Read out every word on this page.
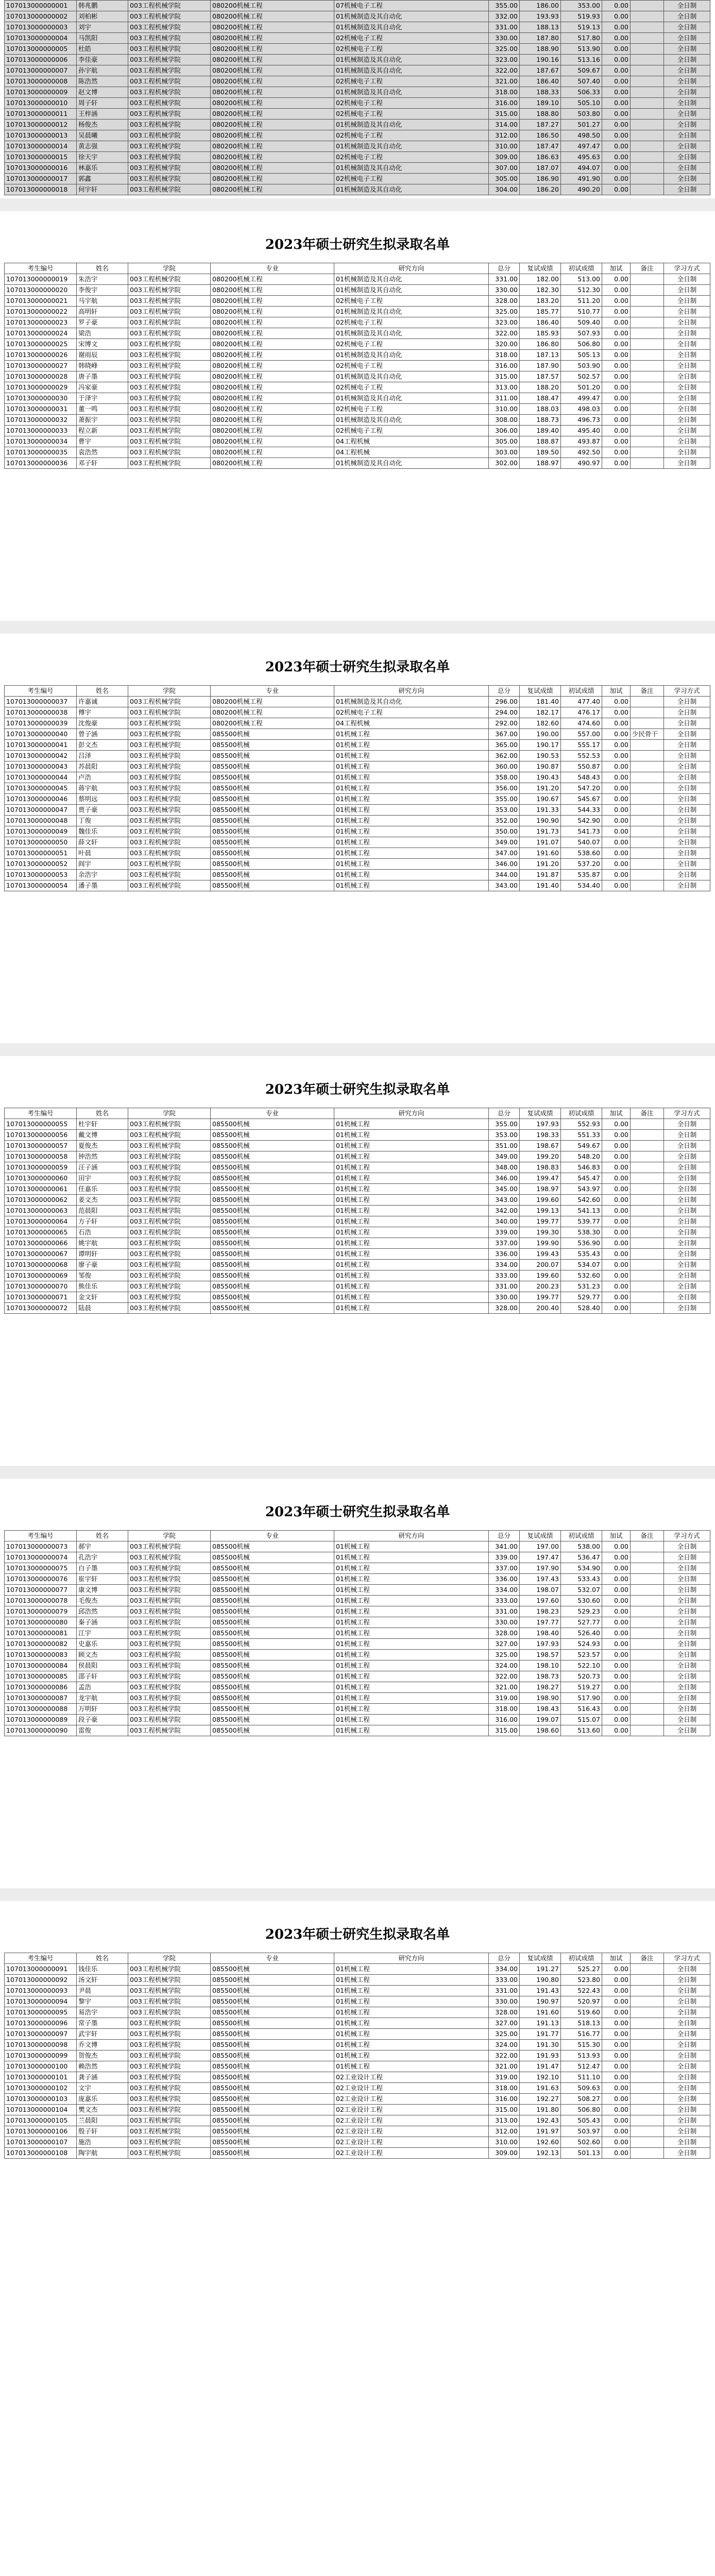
107013000000001	韩兆鹏	003工程机械学院	080200机械工程	07机械电子工程	355.00	186.00	353.00	0.00		全日制
107013000000002	刘柏彬	003工程机械学院	080200机械工程	01机械制造及其自动化	332.00	193.93	519.93	0.00		全日制
107013000000003	刘宇	003工程机械学院	080200机械工程	01机械制造及其自动化	331.00	188.13	519.13	0.00		全日制
107013000000004	马凯阳	003工程机械学院	080200机械工程	02机械电子工程	330.00	187.80	517.80	0.00		全日制
107013000000005	杜皓	003工程机械学院	080200机械工程	02机械电子工程	325.00	188.90	513.90	0.00		全日制
107013000000006	李佳豪	003工程机械学院	080200机械工程	01机械制造及其自动化	323.00	190.16	513.16	0.00		全日制
107013000000007	孙宇航	003工程机械学院	080200机械工程	01机械制造及其自动化	322.00	187.67	509.67	0.00		全日制
107013000000008	陈浩然	003工程机械学院	080200机械工程	02机械电子工程	321.00	186.40	507.40	0.00		全日制
107013000000009	赵文博	003工程机械学院	080200机械工程	01机械制造及其自动化	318.00	188.33	506.33	0.00		全日制
107013000000010	周子轩	003工程机械学院	080200机械工程	02机械电子工程	316.00	189.10	505.10	0.00		全日制
107013000000011	王梓涵	003工程机械学院	080200机械工程	02机械电子工程	315.00	188.80	503.80	0.00		全日制
107013000000012	杨俊杰	003工程机械学院	080200机械工程	01机械制造及其自动化	314.00	187.27	501.27	0.00		全日制
107013000000013	吴晨曦	003工程机械学院	080200机械工程	02机械电子工程	312.00	186.50	498.50	0.00		全日制
107013000000014	黄志强	003工程机械学院	080200机械工程	01机械制造及其自动化	310.00	187.47	497.47	0.00		全日制
107013000000015	徐天宇	003工程机械学院	080200机械工程	02机械电子工程	309.00	186.63	495.63	0.00		全日制
107013000000016	林嘉乐	003工程机械学院	080200机械工程	01机械制造及其自动化	307.00	187.07	494.07	0.00		全日制
107013000000017	郭鑫	003工程机械学院	080200机械工程	02机械电子工程	305.00	186.90	491.90	0.00		全日制
107013000000018	何宇轩	003工程机械学院	080200机械工程	01机械制造及其自动化	304.00	186.20	490.20	0.00		全日制
2023年硕士研究生拟录取名单
考生编号	姓名	学院	专业	研究方向	总分	复试成绩	初试成绩	加试	备注	学习方式
107013000000019	朱浩宇	003工程机械学院	080200机械工程	01机械制造及其自动化	331.00	182.00	513.00	0.00		全日制
107013000000020	李俊宇	003工程机械学院	080200机械工程	01机械制造及其自动化	330.00	182.30	512.30	0.00		全日制
107013000000021	马宇航	003工程机械学院	080200机械工程	02机械电子工程	328.00	183.20	511.20	0.00		全日制
107013000000022	高明轩	003工程机械学院	080200机械工程	01机械制造及其自动化	325.00	185.77	510.77	0.00		全日制
107013000000023	罗子豪	003工程机械学院	080200机械工程	02机械电子工程	323.00	186.40	509.40	0.00		全日制
107013000000024	梁浩	003工程机械学院	080200机械工程	01机械制造及其自动化	322.00	185.93	507.93	0.00		全日制
107013000000025	宋博文	003工程机械学院	080200机械工程	02机械电子工程	320.00	186.80	506.80	0.00		全日制
107013000000026	谢雨辰	003工程机械学院	080200机械工程	01机械制造及其自动化	318.00	187.13	505.13	0.00		全日制
107013000000027	韩晓峰	003工程机械学院	080200机械工程	02机械电子工程	316.00	187.90	503.90	0.00		全日制
107013000000028	唐子墨	003工程机械学院	080200机械工程	01机械制造及其自动化	315.00	187.57	502.57	0.00		全日制
107013000000029	冯家豪	003工程机械学院	080200机械工程	02机械电子工程	313.00	188.20	501.20	0.00		全日制
107013000000030	于泽宇	003工程机械学院	080200机械工程	01机械制造及其自动化	311.00	188.47	499.47	0.00		全日制
107013000000031	董一鸣	003工程机械学院	080200机械工程	02机械电子工程	310.00	188.03	498.03	0.00		全日制
107013000000032	萧振宇	003工程机械学院	080200机械工程	01机械制造及其自动化	308.00	188.73	496.73	0.00		全日制
107013000000033	程立新	003工程机械学院	080200机械工程	02机械电子工程	306.00	189.40	495.40	0.00		全日制
107013000000034	曹宇	003工程机械学院	080200机械工程	04工程机械	305.00	188.87	493.87	0.00		全日制
107013000000035	袁浩然	003工程机械学院	080200机械工程	04工程机械	303.00	189.50	492.50	0.00		全日制
107013000000036	邓子轩	003工程机械学院	080200机械工程	01机械制造及其自动化	302.00	188.97	490.97	0.00		全日制
2023年硕士研究生拟录取名单
考生编号	姓名	学院	专业	研究方向	总分	复试成绩	初试成绩	加试	备注	学习方式
107013000000037	许嘉诚	003工程机械学院	080200机械工程	01机械制造及其自动化	296.00	181.40	477.40	0.00		全日制
107013000000038	傅宇	003工程机械学院	080200机械工程	02机械电子工程	294.00	182.17	476.17	0.00		全日制
107013000000039	沈俊豪	003工程机械学院	080200机械工程	04工程机械	292.00	182.60	474.60	0.00		全日制
107013000000040	曾子涵	003工程机械学院	085500机械	01机械工程	367.00	190.00	557.00	0.00	少民骨干	全日制
107013000000041	彭文杰	003工程机械学院	085500机械	01机械工程	365.00	190.17	555.17	0.00		全日制
107013000000042	吕泽	003工程机械学院	085500机械	01机械工程	362.00	190.53	552.53	0.00		全日制
107013000000043	苏晨阳	003工程机械学院	085500机械	01机械工程	360.00	190.87	550.87	0.00		全日制
107013000000044	卢浩	003工程机械学院	085500机械	01机械工程	358.00	190.43	548.43	0.00		全日制
107013000000045	蒋宇航	003工程机械学院	085500机械	01机械工程	356.00	191.20	547.20	0.00		全日制
107013000000046	蔡明远	003工程机械学院	085500机械	01机械工程	355.00	190.67	545.67	0.00		全日制
107013000000047	贾子豪	003工程机械学院	085500机械	01机械工程	353.00	191.33	544.33	0.00		全日制
107013000000048	丁俊	003工程机械学院	085500机械	01机械工程	352.00	190.90	542.90	0.00		全日制
107013000000049	魏佳乐	003工程机械学院	085500机械	01机械工程	350.00	191.73	541.73	0.00		全日制
107013000000050	薛文轩	003工程机械学院	085500机械	01机械工程	349.00	191.07	540.07	0.00		全日制
107013000000051	叶晨	003工程机械学院	085500机械	01机械工程	347.00	191.60	538.60	0.00		全日制
107013000000052	阎宇	003工程机械学院	085500机械	01机械工程	346.00	191.20	537.20	0.00		全日制
107013000000053	余浩宇	003工程机械学院	085500机械	01机械工程	344.00	191.87	535.87	0.00		全日制
107013000000054	潘子墨	003工程机械学院	085500机械	01机械工程	343.00	191.40	534.40	0.00		全日制
2023年硕士研究生拟录取名单
考生编号	姓名	学院	专业	研究方向	总分	复试成绩	初试成绩	加试	备注	学习方式
107013000000055	杜宇轩	003工程机械学院	085500机械	01机械工程	355.00	197.93	552.93	0.00		全日制
107013000000056	戴文博	003工程机械学院	085500机械	01机械工程	353.00	198.33	551.33	0.00		全日制
107013000000057	夏俊杰	003工程机械学院	085500机械	01机械工程	351.00	198.67	549.67	0.00		全日制
107013000000058	钟浩然	003工程机械学院	085500机械	01机械工程	349.00	199.20	548.20	0.00		全日制
107013000000059	汪子涵	003工程机械学院	085500机械	01机械工程	348.00	198.83	546.83	0.00		全日制
107013000000060	田宇	003工程机械学院	085500机械	01机械工程	346.00	199.47	545.47	0.00		全日制
107013000000061	任嘉乐	003工程机械学院	085500机械	01机械工程	345.00	198.97	543.97	0.00		全日制
107013000000062	姜文杰	003工程机械学院	085500机械	01机械工程	343.00	199.60	542.60	0.00		全日制
107013000000063	范晨阳	003工程机械学院	085500机械	01机械工程	342.00	199.13	541.13	0.00		全日制
107013000000064	方子轩	003工程机械学院	085500机械	01机械工程	340.00	199.77	539.77	0.00		全日制
107013000000065	石浩	003工程机械学院	085500机械	01机械工程	339.00	199.30	538.30	0.00		全日制
107013000000066	姚宇航	003工程机械学院	085500机械	01机械工程	337.00	199.90	536.90	0.00		全日制
107013000000067	谭明轩	003工程机械学院	085500机械	01机械工程	336.00	199.43	535.43	0.00		全日制
107013000000068	廖子豪	003工程机械学院	085500机械	01机械工程	334.00	200.07	534.07	0.00		全日制
107013000000069	邹俊	003工程机械学院	085500机械	01机械工程	333.00	199.60	532.60	0.00		全日制
107013000000070	熊佳乐	003工程机械学院	085500机械	01机械工程	331.00	200.23	531.23	0.00		全日制
107013000000071	金文轩	003工程机械学院	085500机械	01机械工程	330.00	199.77	529.77	0.00		全日制
107013000000072	陆晨	003工程机械学院	085500机械	01机械工程	328.00	200.40	528.40	0.00		全日制
2023年硕士研究生拟录取名单
考生编号	姓名	学院	专业	研究方向	总分	复试成绩	初试成绩	加试	备注	学习方式
107013000000073	郝宇	003工程机械学院	085500机械	01机械工程	341.00	197.00	538.00	0.00		全日制
107013000000074	孔浩宇	003工程机械学院	085500机械	01机械工程	339.00	197.47	536.47	0.00		全日制
107013000000075	白子墨	003工程机械学院	085500机械	01机械工程	337.00	197.90	534.90	0.00		全日制
107013000000076	崔宇轩	003工程机械学院	085500机械	01机械工程	336.00	197.43	533.43	0.00		全日制
107013000000077	康文博	003工程机械学院	085500机械	01机械工程	334.00	198.07	532.07	0.00		全日制
107013000000078	毛俊杰	003工程机械学院	085500机械	01机械工程	333.00	197.60	530.60	0.00		全日制
107013000000079	邱浩然	003工程机械学院	085500机械	01机械工程	331.00	198.23	529.23	0.00		全日制
107013000000080	秦子涵	003工程机械学院	085500机械	01机械工程	330.00	197.77	527.77	0.00		全日制
107013000000081	江宇	003工程机械学院	085500机械	01机械工程	328.00	198.40	526.40	0.00		全日制
107013000000082	史嘉乐	003工程机械学院	085500机械	01机械工程	327.00	197.93	524.93	0.00		全日制
107013000000083	顾文杰	003工程机械学院	085500机械	01机械工程	325.00	198.57	523.57	0.00		全日制
107013000000084	侯晨阳	003工程机械学院	085500机械	01机械工程	324.00	198.10	522.10	0.00		全日制
107013000000085	邵子轩	003工程机械学院	085500机械	01机械工程	322.00	198.73	520.73	0.00		全日制
107013000000086	孟浩	003工程机械学院	085500机械	01机械工程	321.00	198.27	519.27	0.00		全日制
107013000000087	龙宇航	003工程机械学院	085500机械	01机械工程	319.00	198.90	517.90	0.00		全日制
107013000000088	万明轩	003工程机械学院	085500机械	01机械工程	318.00	198.43	516.43	0.00		全日制
107013000000089	段子豪	003工程机械学院	085500机械	01机械工程	316.00	199.07	515.07	0.00		全日制
107013000000090	雷俊	003工程机械学院	085500机械	01机械工程	315.00	198.60	513.60	0.00		全日制
2023年硕士研究生拟录取名单
考生编号	姓名	学院	专业	研究方向	总分	复试成绩	初试成绩	加试	备注	学习方式
107013000000091	钱佳乐	003工程机械学院	085500机械	01机械工程	334.00	191.27	525.27	0.00		全日制
107013000000092	汤文轩	003工程机械学院	085500机械	01机械工程	333.00	190.80	523.80	0.00		全日制
107013000000093	尹晨	003工程机械学院	085500机械	01机械工程	331.00	191.43	522.43	0.00		全日制
107013000000094	黎宇	003工程机械学院	085500机械	01机械工程	330.00	190.97	520.97	0.00		全日制
107013000000095	易浩宇	003工程机械学院	085500机械	01机械工程	328.00	191.60	519.60	0.00		全日制
107013000000096	常子墨	003工程机械学院	085500机械	01机械工程	327.00	191.13	518.13	0.00		全日制
107013000000097	武宇轩	003工程机械学院	085500机械	01机械工程	325.00	191.77	516.77	0.00		全日制
107013000000098	乔文博	003工程机械学院	085500机械	01机械工程	324.00	191.30	515.30	0.00		全日制
107013000000099	贺俊杰	003工程机械学院	085500机械	01机械工程	322.00	191.93	513.93	0.00		全日制
107013000000100	赖浩然	003工程机械学院	085500机械	01机械工程	321.00	191.47	512.47	0.00		全日制
107013000000101	龚子涵	003工程机械学院	085500机械	02工业设计工程	319.00	192.10	511.10	0.00		全日制
107013000000102	文宇	003工程机械学院	085500机械	02工业设计工程	318.00	191.63	509.63	0.00		全日制
107013000000103	庞嘉乐	003工程机械学院	085500机械	02工业设计工程	316.00	192.27	508.27	0.00		全日制
107013000000104	樊文杰	003工程机械学院	085500机械	02工业设计工程	315.00	191.80	506.80	0.00		全日制
107013000000105	兰晨阳	003工程机械学院	085500机械	02工业设计工程	313.00	192.43	505.43	0.00		全日制
107013000000106	殷子轩	003工程机械学院	085500机械	02工业设计工程	312.00	191.97	503.97	0.00		全日制
107013000000107	施浩	003工程机械学院	085500机械	02工业设计工程	310.00	192.60	502.60	0.00		全日制
107013000000108	陶宇航	003工程机械学院	085500机械	02工业设计工程	309.00	192.13	501.13	0.00		全日制
